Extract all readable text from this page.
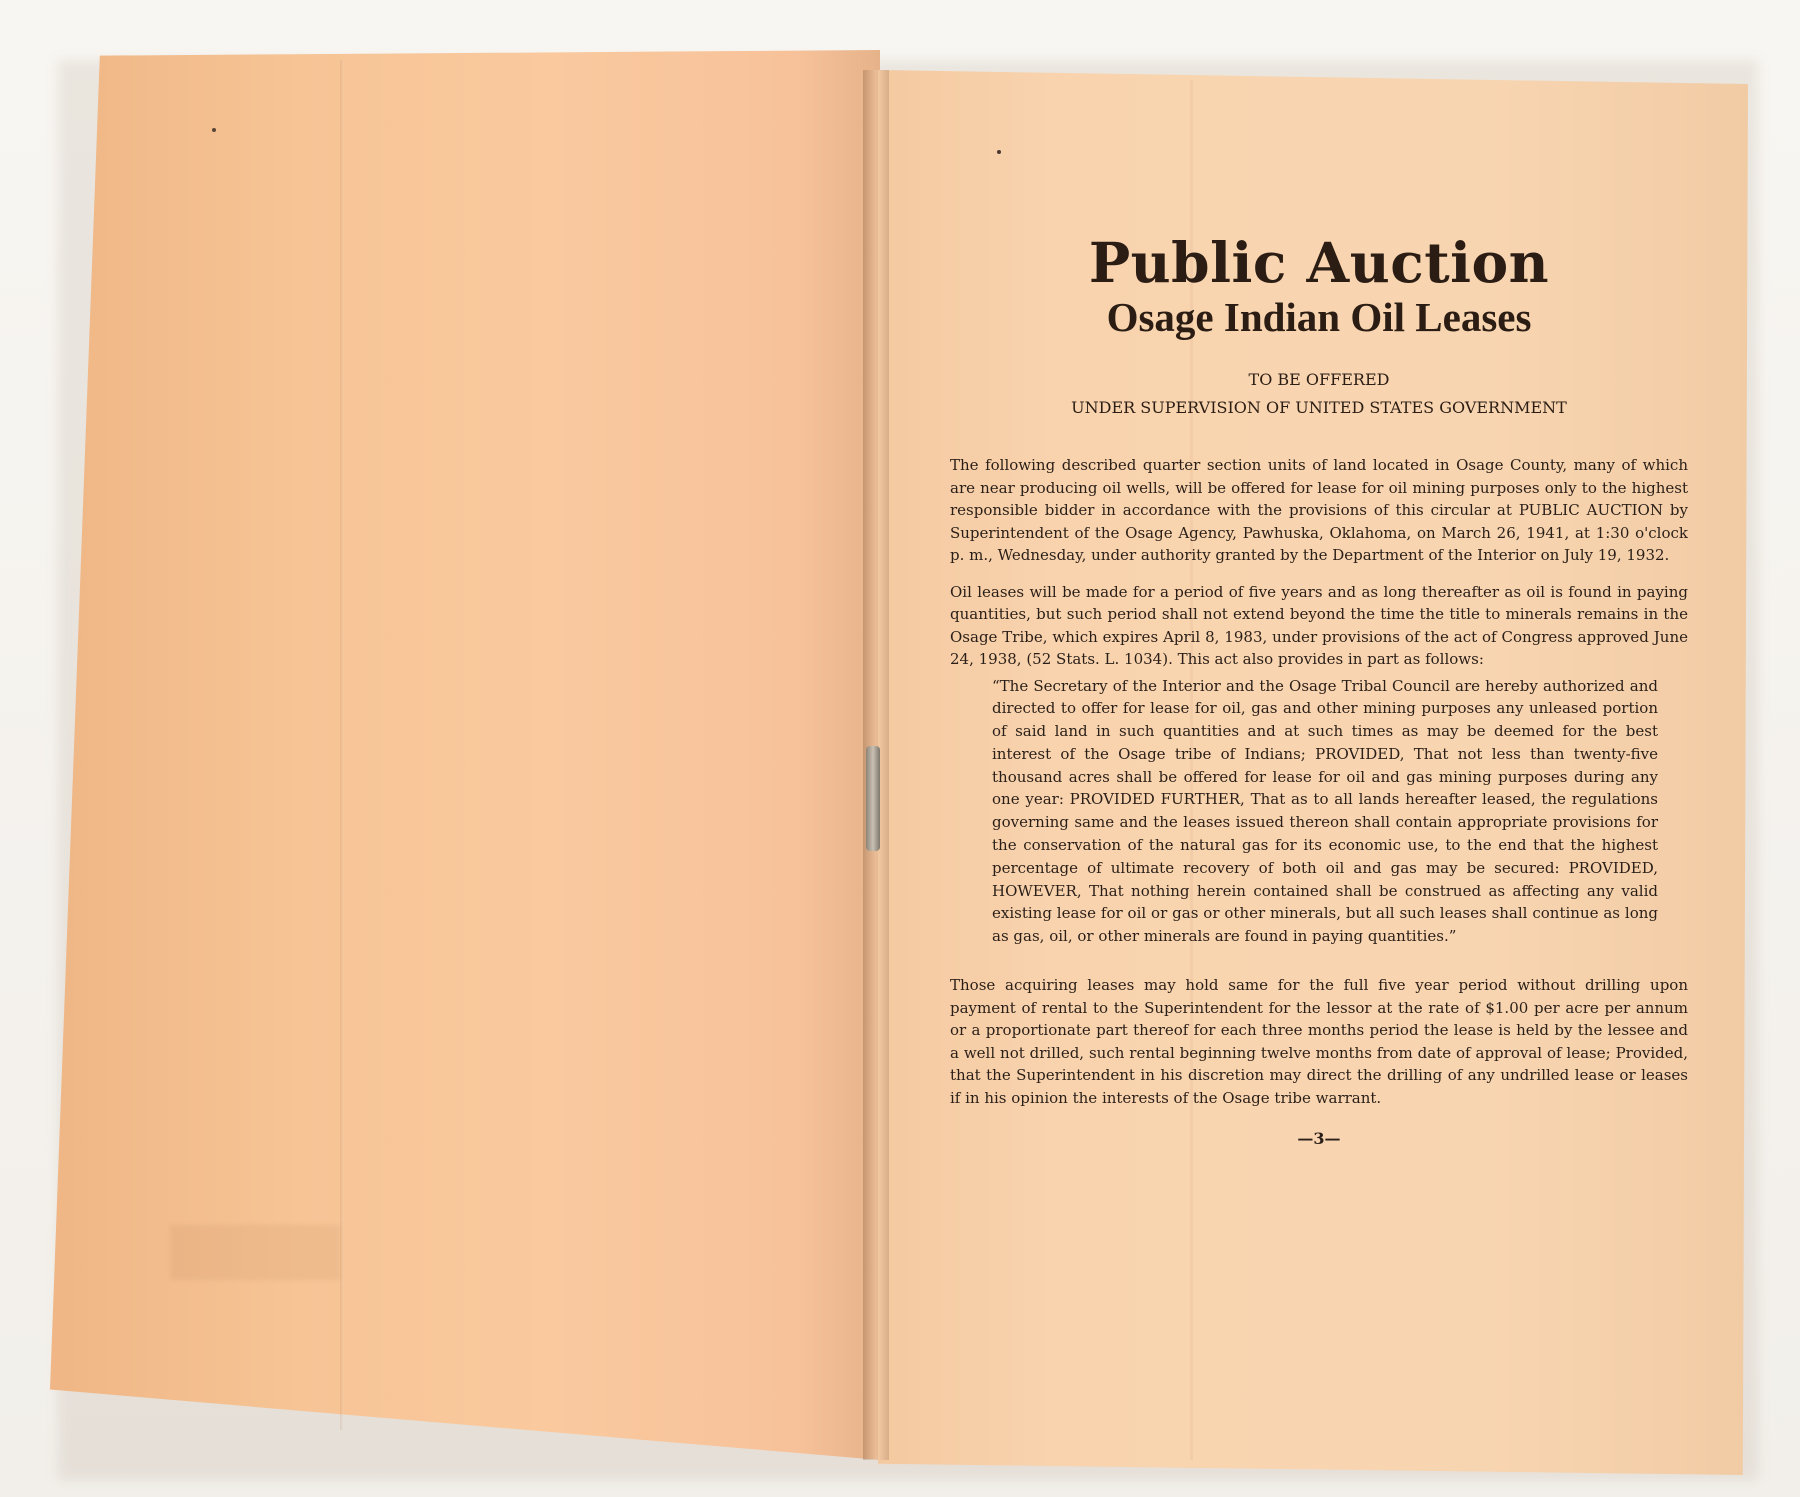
Public Auction
Osage Indian Oil Leases

TO BE OFFERED

UNDER SUPERVISION OF UNITED STATES GOVERNMENT

The following described quarter section units of land located in Osage County, many of which are near producing oil wells, will be offered for lease for oil mining purposes only to the highest responsible bidder in accordance with the provisions of this circular at PUBLIC AUCTION by Superintendent of the Osage Agency, Pawhuska, Oklahoma, on March 26, 1941, at 1:30 o'clock p. m., Wednesday, under authority granted by the Department of the Interior on July 19, 1932.

Oil leases will be made for a period of five years and as long thereafter as oil is found in paying quantities, but such period shall not extend beyond the time the title to minerals remains in the Osage Tribe, which expires April 8, 1983, under provisions of the act of Congress approved June 24, 1938, (52 Stats. L. 1034). This act also provides in part as follows:

“The Secretary of the Interior and the Osage Tribal Council are hereby authorized and directed to offer for lease for oil, gas and other mining purposes any unleased portion of said land in such quantities and at such times as may be deemed for the best interest of the Osage tribe of Indians; PROVIDED, That not less than twenty-five thousand acres shall be offered for lease for oil and gas mining purposes during any one year: PROVIDED FURTHER, That as to all lands hereafter leased, the regulations governing same and the leases issued thereon shall contain appropriate provisions for the conservation of the natural gas for its economic use, to the end that the highest percentage of ultimate recovery of both oil and gas may be secured: PROVIDED, HOWEVER, That nothing herein contained shall be construed as affecting any valid existing lease for oil or gas or other minerals, but all such leases shall continue as long as gas, oil, or other minerals are found in paying quantities.”

Those acquiring leases may hold same for the full five year period without drilling upon payment of rental to the Superintendent for the lessor at the rate of $1.00 per acre per annum or a proportionate part thereof for each three months period the lease is held by the lessee and a well not drilled, such rental beginning twelve months from date of approval of lease; Provided, that the Superintendent in his discretion may direct the drilling of any undrilled lease or leases if in his opinion the interests of the Osage tribe warrant.

—3—
